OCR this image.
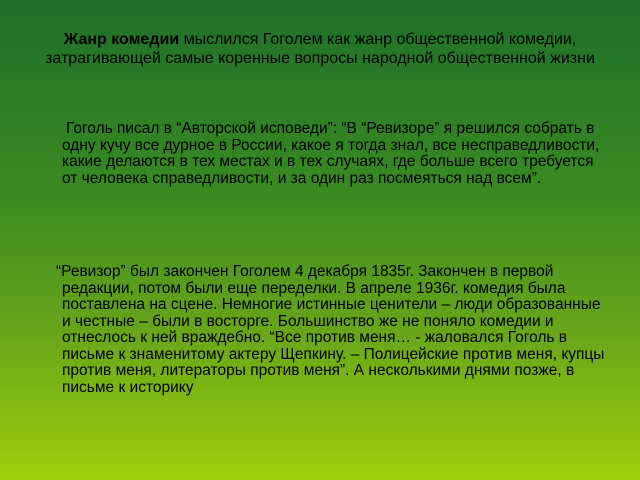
Жанр комедии мыслился Гоголем как жанр общественной комедии, затрагивающей самые коренные вопросы народной общественной жизни
Гоголь писал в “Авторской исповеди”: “В “Ревизоре” я решился собрать в одну кучу все дурное в России, какое я тогда знал, все несправедливости, какие делаются в тех местах и в тех случаях, где больше всего требуется от человека справедливости, и за один раз посмеяться над всем”.
“Ревизор” был закончен Гоголем 4 декабря 1835г. Закончен в первой редакции, потом были еще переделки. В апреле 1936г. комедия была поставлена на сцене. Немногие истинные ценители – люди образованные и честные – были в восторге. Большинство же не поняло комедии и отнеслось к ней враждебно. “Все против меня… - жаловался Гоголь в письме к знаменитому актеру Щепкину. – Полицейские против меня, купцы против меня, литераторы против меня”. А несколькими днями позже, в письме к историку
